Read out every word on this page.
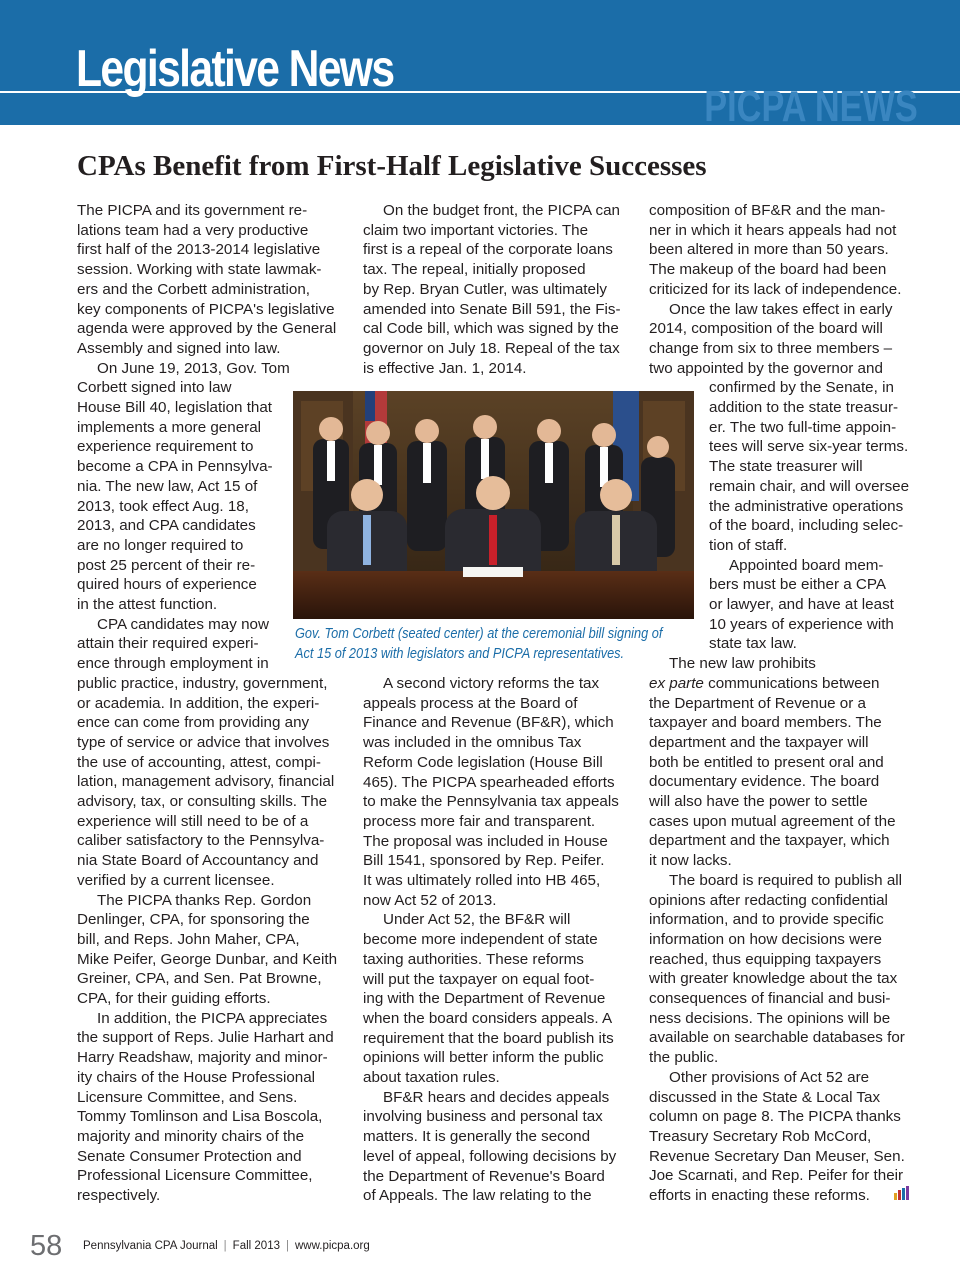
Legislative News
PICPA NEWS
CPAs Benefit from First-Half Legislative Successes
The PICPA and its government re-
lations team had a very productive
first half of the 2013-2014 legislative
session. Working with state lawmak-
ers and the Corbett administration,
key components of PICPA's legislative
agenda were approved by the General
Assembly and signed into law.
On June 19, 2013, Gov. Tom
Corbett signed into law
House Bill 40, legislation that
implements a more general
experience requirement to
become a CPA in Pennsylva-
nia. The new law, Act 15 of
2013, took effect Aug. 18,
2013, and CPA candidates
are no longer required to
post 25 percent of their re-
quired hours of experience
in the attest function.
CPA candidates may now
attain their required experi-
ence through employment in
public practice, industry, government,
or academia. In addition, the experi-
ence can come from providing any
type of service or advice that involves
the use of accounting, attest, compi-
lation, management advisory, financial
advisory, tax, or consulting skills. The
experience will still need to be of a
caliber satisfactory to the Pennsylva-
nia State Board of Accountancy and
verified by a current licensee.
The PICPA thanks Rep. Gordon
Denlinger, CPA, for sponsoring the
bill, and Reps. John Maher, CPA,
Mike Peifer, George Dunbar, and Keith
Greiner, CPA, and Sen. Pat Browne,
CPA, for their guiding efforts.
In addition, the PICPA appreciates
the support of Reps. Julie Harhart and
Harry Readshaw, majority and minor-
ity chairs of the House Professional
Licensure Committee, and Sens.
Tommy Tomlinson and Lisa Boscola,
majority and minority chairs of the
Senate Consumer Protection and
Professional Licensure Committee,
respectively.
On the budget front, the PICPA can
claim two important victories. The
first is a repeal of the corporate loans
tax. The repeal, initially proposed
by Rep. Bryan Cutler, was ultimately
amended into Senate Bill 591, the Fis-
cal Code bill, which was signed by the
governor on July 18. Repeal of the tax
is effective Jan. 1, 2014.
A second victory reforms the tax
appeals process at the Board of
Finance and Revenue (BF&R), which
was included in the omnibus Tax
Reform Code legislation (House Bill
465). The PICPA spearheaded efforts
to make the Pennsylvania tax appeals
process more fair and transparent.
The proposal was included in House
Bill 1541, sponsored by Rep. Peifer.
It was ultimately rolled into HB 465,
now Act 52 of 2013.
Under Act 52, the BF&R will
become more independent of state
taxing authorities. These reforms
will put the taxpayer on equal foot-
ing with the Department of Revenue
when the board considers appeals. A
requirement that the board publish its
opinions will better inform the public
about taxation rules.
BF&R hears and decides appeals
involving business and personal tax
matters. It is generally the second
level of appeal, following decisions by
the Department of Revenue's Board
of Appeals. The law relating to the
composition of BF&R and the man-
ner in which it hears appeals had not
been altered in more than 50 years.
The makeup of the board had been
criticized for its lack of independence.
Once the law takes effect in early
2014, composition of the board will
change from six to three members –
two appointed by the governor and
confirmed by the Senate, in
addition to the state treasur-
er. The two full-time appoin-
tees will serve six-year terms.
The state treasurer will
remain chair, and will oversee
the administrative operations
of the board, including selec-
tion of staff.
Appointed board mem-
bers must be either a CPA
or lawyer, and have at least
10 years of experience with
state tax law.
The new law prohibits
ex parte communications between
the Department of Revenue or a
taxpayer and board members. The
department and the taxpayer will
both be entitled to present oral and
documentary evidence. The board
will also have the power to settle
cases upon mutual agreement of the
department and the taxpayer, which
it now lacks.
The board is required to publish all
opinions after redacting confidential
information, and to provide specific
information on how decisions were
reached, thus equipping taxpayers
with greater knowledge about the tax
consequences of financial and busi-
ness decisions. The opinions will be
available on searchable databases for
the public.
Other provisions of Act 52 are
discussed in the State & Local Tax
column on page 8. The PICPA thanks
Treasury Secretary Rob McCord,
Revenue Secretary Dan Meuser, Sen.
Joe Scarnati, and Rep. Peifer for their
efforts in enacting these reforms.
Gov. Tom Corbett (seated center) at the ceremonial bill signing of
Act 15 of 2013 with legislators and PICPA representatives.
58 Pennsylvania CPA Journal | Fall 2013 | www.picpa.org
